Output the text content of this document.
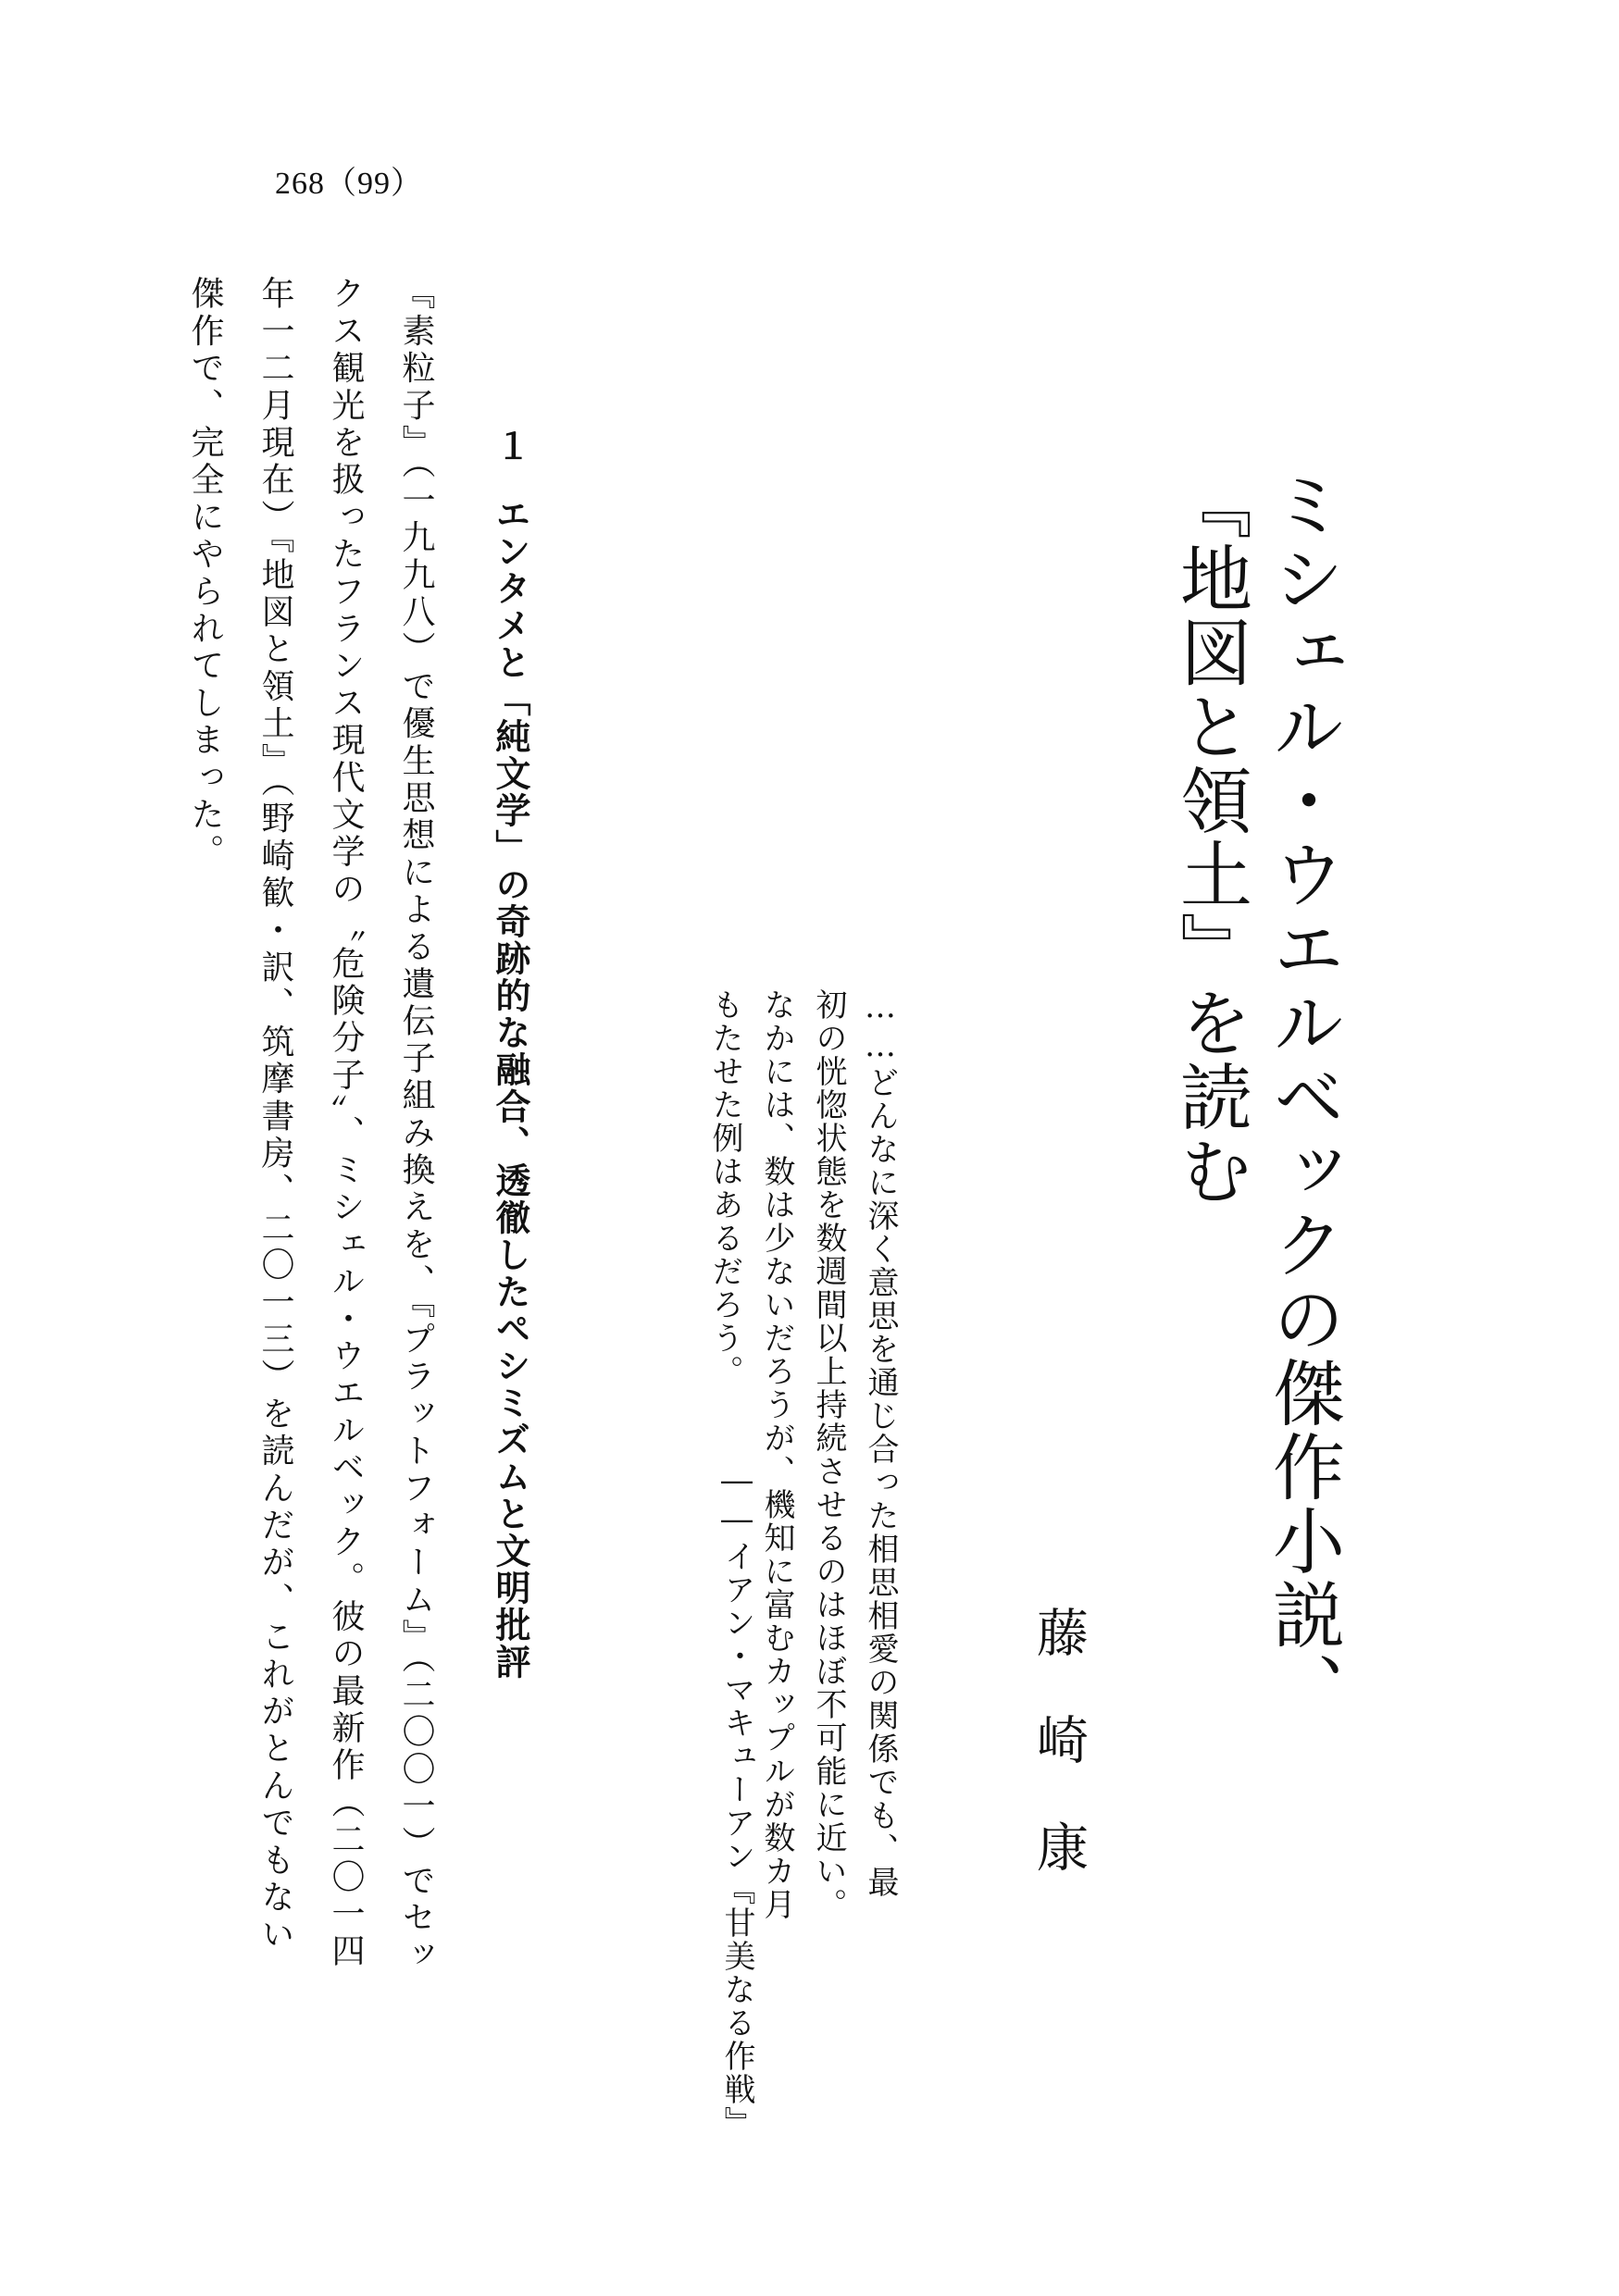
268（99）
ミシェル・ウエルベックの傑作小説、
『地図と領土』を読む
藤崎康
……どんなに深く意思を通じ合った相思相愛の関係でも、最初の恍惚状態を数週間以上持続させるのはほぼ不可能に近い。なかには、数は少ないだろうが、機知に富むカップルが数カ月もたせた例はあるだろう。
――イアン・マキューアン『甘美なる作戦』
１
エンタメと「純文学」の奇跡的な融合、透徹したペシミズムと文明批評
『素粒子』（一九九八）で優生思想による遺伝子組み換えを、『プラットフォーム』（二〇〇一）でセックス観光を扱ったフランス現代文学の〝危険分子〟、ミシェル・ウエルベック。彼の最新作（二〇一四年一二月現在）『地図と領土』（野崎歓・訳、筑摩書房、二〇一三）を読んだが、これがとんでもない傑作で、完全にやられてしまった。
